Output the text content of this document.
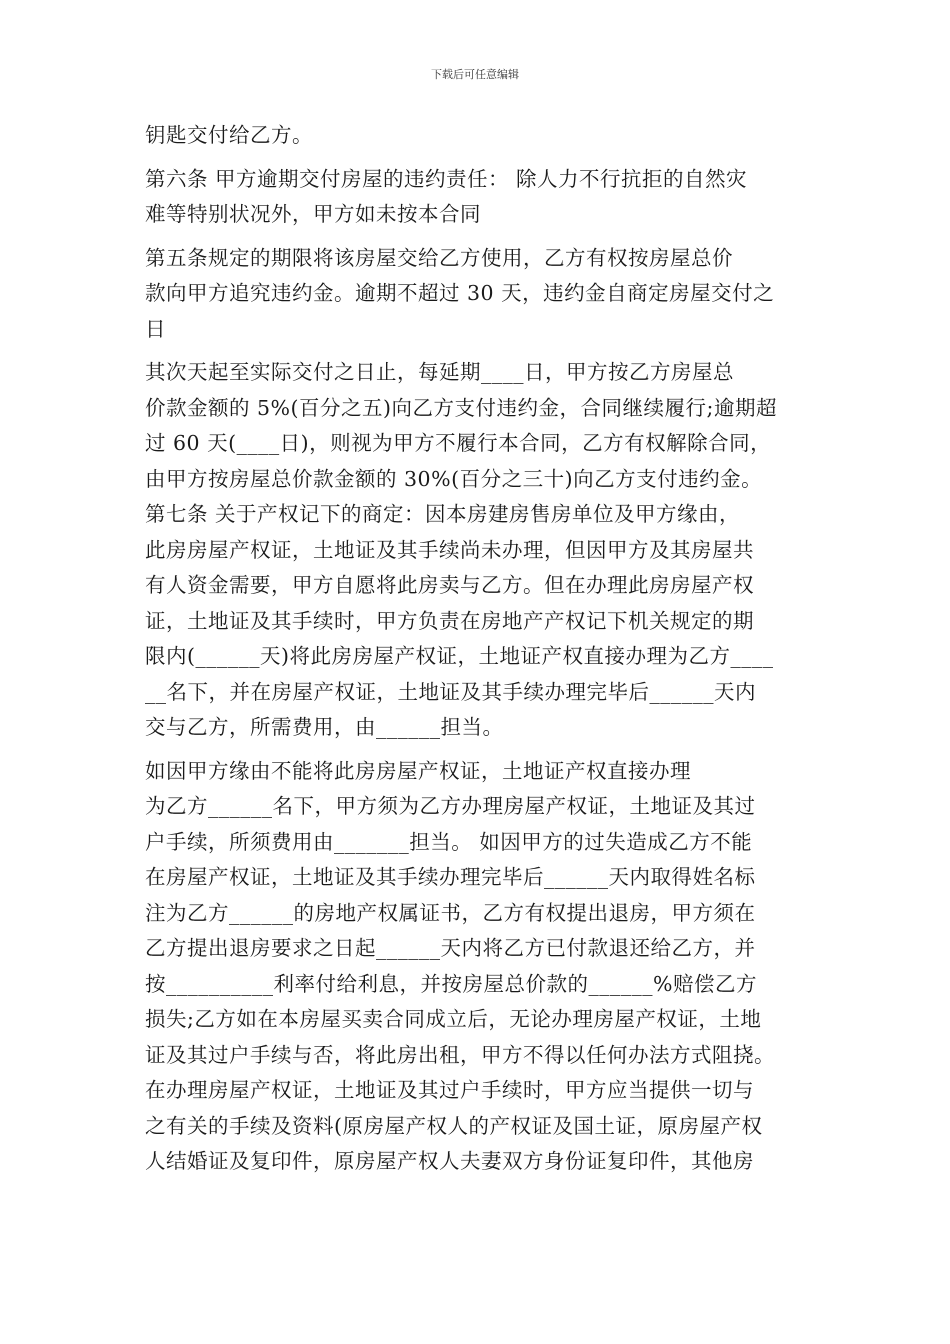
下载后可任意编辑
钥匙交付给乙方。
第六条 甲方逾期交付房屋的违约责任： 除人力不行抗拒的自然灾
难等特别状况外，甲方如未按本合同
第五条规定的期限将该房屋交给乙方使用，乙方有权按房屋总价
款向甲方追究违约金。逾期不超过 30 天，违约金自商定房屋交付之
日
其次天起至实际交付之日止，每延期____日，甲方按乙方房屋总
价款金额的 5%(百分之五)向乙方支付违约金，合同继续履行;逾期超
过 60 天(____日)，则视为甲方不履行本合同，乙方有权解除合同，
由甲方按房屋总价款金额的 30%(百分之三十)向乙方支付违约金。
第七条 关于产权记下的商定：因本房建房售房单位及甲方缘由，
此房房屋产权证，土地证及其手续尚未办理，但因甲方及其房屋共
有人资金需要，甲方自愿将此房卖与乙方。但在办理此房房屋产权
证，土地证及其手续时，甲方负责在房地产产权记下机关规定的期
限内(______天)将此房房屋产权证，土地证产权直接办理为乙方____
__名下，并在房屋产权证，土地证及其手续办理完毕后______天内
交与乙方，所需费用，由______担当。
如因甲方缘由不能将此房房屋产权证，土地证产权直接办理
为乙方______名下，甲方须为乙方办理房屋产权证，土地证及其过
户手续，所须费用由_______担当。 如因甲方的过失造成乙方不能
在房屋产权证，土地证及其手续办理完毕后______天内取得姓名标
注为乙方______的房地产权属证书，乙方有权提出退房，甲方须在
乙方提出退房要求之日起______天内将乙方已付款退还给乙方，并
按__________利率付给利息，并按房屋总价款的______%赔偿乙方
损失;乙方如在本房屋买卖合同成立后，无论办理房屋产权证，土地
证及其过户手续与否，将此房出租，甲方不得以任何办法方式阻挠。
在办理房屋产权证，土地证及其过户手续时，甲方应当提供一切与
之有关的手续及资料(原房屋产权人的产权证及国土证，原房屋产权
人结婚证及复印件，原房屋产权人夫妻双方身份证复印件，其他房
